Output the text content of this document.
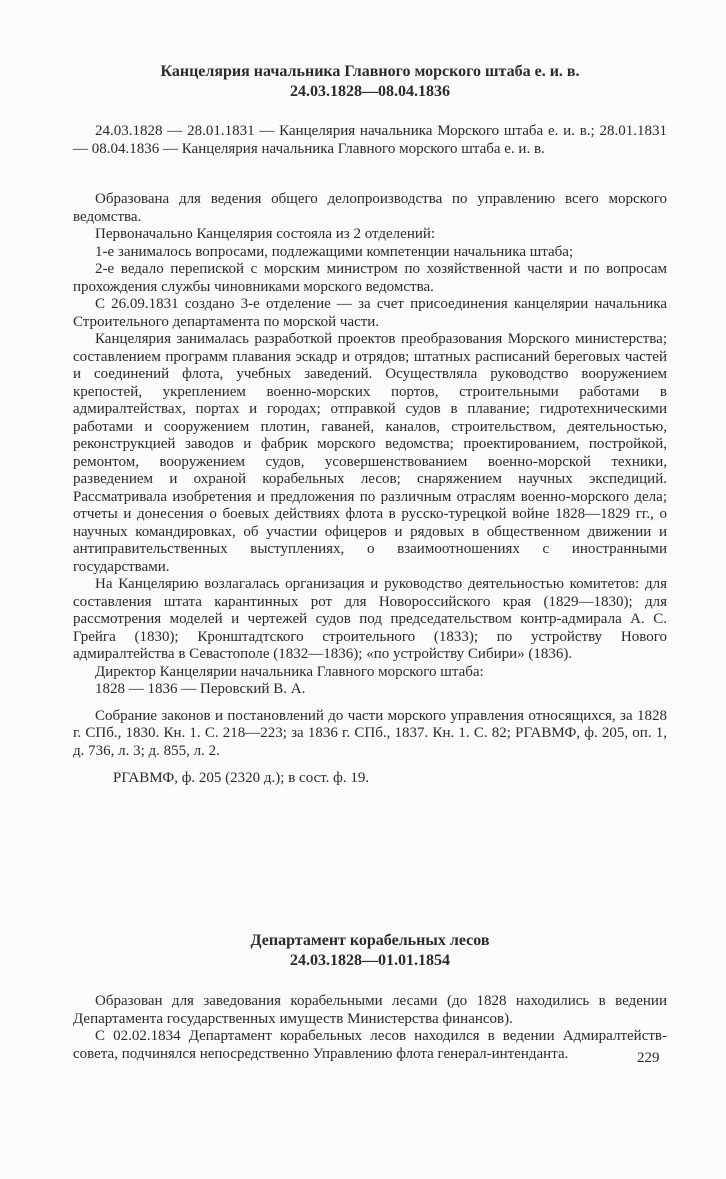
Канцелярия начальника Главного морского штаба е. и. в.
24.03.1828—08.04.1836

24.03.1828 — 28.01.1831 — Канцелярия начальника Морского штаба е. и. в.; 28.01.1831 — 08.04.1836 — Канцелярия начальника Главного морского штаба е. и. в.

Образована для ведения общего делопроизводства по управлению всего морского ведомства.

Первоначально Канцелярия состояла из 2 отделений:

1-е занималось вопросами, подлежащими компетенции начальника штаба;

2-е ведало перепиской с морским министром по хозяйственной части и по вопросам прохождения службы чиновниками морского ведомства.

С 26.09.1831 создано 3-е отделение — за счет присоединения канцелярии начальника Строительного департамента по морской части.

Канцелярия занималась разработкой проектов преобразования Морского министерства; составлением программ плавания эскадр и отрядов; штатных расписаний береговых частей и соединений флота, учебных заведений. Осуществляла руководство вооружением крепостей, укреплением военно-морских портов, строительными работами в адмиралтействах, портах и городах; отправкой судов в плавание; гидротехническими работами и сооружением плотин, гаваней, каналов, строительством, деятельностью, реконструкцией заводов и фабрик морского ведомства; проектированием, постройкой, ремонтом, вооружением судов, усовершенствованием военно-морской техники, разведением и охраной корабельных лесов; снаряжением научных экспедиций. Рассматривала изобретения и предложения по различным отраслям военно-морского дела; отчеты и донесения о боевых действиях флота в русско-турецкой войне 1828—1829 гг., о научных командировках, об участии офицеров и рядовых в общественном движении и антиправительственных выступлениях, о взаимоотношениях с иностранными государствами.

На Канцелярию возлагалась организация и руководство деятельностью комитетов: для составления штата карантинных рот для Новороссийского края (1829—1830); для рассмотрения моделей и чертежей судов под председательством контр-адмирала А. С. Грейга (1830); Кронштадтского строительного (1833); по устройству Нового адмиралтейства в Севастополе (1832—1836); «по устройству Сибири» (1836).

Директор Канцелярии начальника Главного морского штаба:

1828 — 1836 — Перовский В. А.

Собрание законов и постановлений до части морского управления относящихся, за 1828 г. СПб., 1830. Кн. 1. С. 218—223; за 1836 г. СПб., 1837. Кн. 1. С. 82; РГАВМФ, ф. 205, оп. 1, д. 736, л. 3; д. 855, л. 2.

РГАВМФ, ф. 205 (2320 д.); в сост. ф. 19.

Департамент корабельных лесов
24.03.1828—01.01.1854

Образован для заведования корабельными лесами (до 1828 находились в ведении Департамента государственных имуществ Министерства финансов).

С 02.02.1834 Департамент корабельных лесов находился в ведении Адмиралтейств-совета, подчинялся непосредственно Управлению флота генерал-интенданта.	229
